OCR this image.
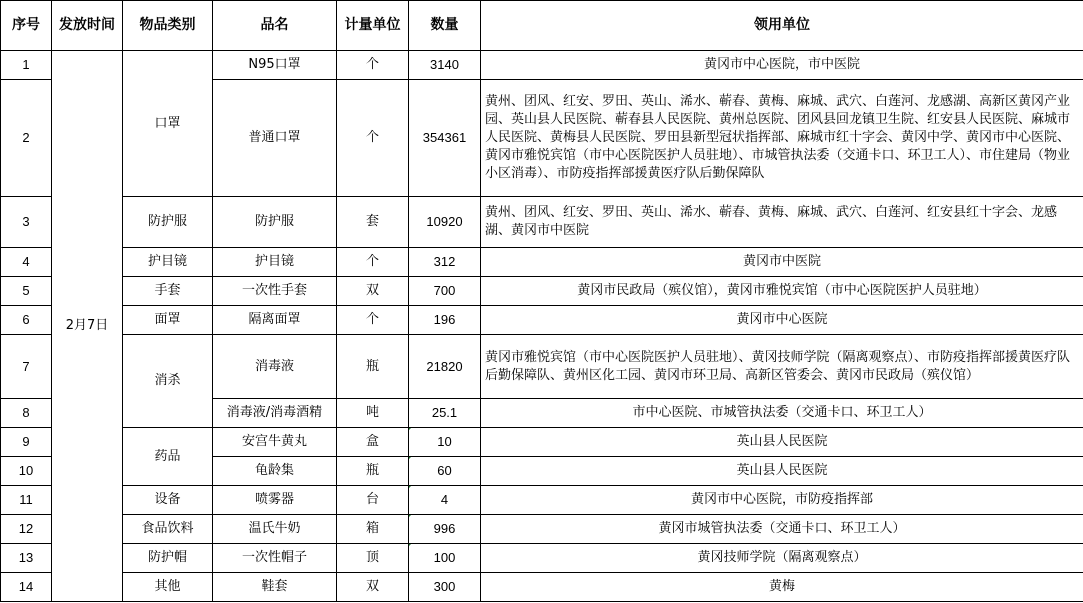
序号	发放时间	物品类别	品名	计量单位	数量	领用单位
1	2月7日	口罩	N95口罩	个	3140	黄冈市中心医院，市中医院
2			普通口罩	个	354361	黄州、团风、红安、罗田、英山、浠水、蕲春、黄梅、麻城、武穴、白莲河、龙感湖、高新区黄冈产业园、英山县人民医院、蕲春县人民医院、黄州总医院、团风县回龙镇卫生院、红安县人民医院、麻城市人民医院、黄梅县人民医院、罗田县新型冠状指挥部、麻城市红十字会、黄冈中学、黄冈市中心医院、黄冈市雅悦宾馆（市中心医院医护人员驻地）、市城管执法委（交通卡口、环卫工人）、市住建局（物业小区消毒）、市防疫指挥部援黄医疗队后勤保障队
3		防护服	防护服	套	10920	黄州、团风、红安、罗田、英山、浠水、蕲春、黄梅、麻城、武穴、白莲河、红安县红十字会、龙感湖、黄冈市中医院
4		护目镜	护目镜	个	312	黄冈市中医院
5		手套	一次性手套	双	700	黄冈市民政局（殡仪馆），黄冈市雅悦宾馆（市中心医院医护人员驻地）
6		面罩	隔离面罩	个	196	黄冈市中心医院
7		消杀	消毒液	瓶	21820	黄冈市雅悦宾馆（市中心医院医护人员驻地）、黄冈技师学院（隔离观察点）、市防疫指挥部援黄医疗队后勤保障队、黄州区化工园、黄冈市环卫局、高新区管委会、黄冈市民政局（殡仪馆）
8			消毒液/消毒酒精	吨	25.1	市中心医院、市城管执法委（交通卡口、环卫工人）
9		药品	安宫牛黄丸	盒	10	英山县人民医院
10			龟龄集	瓶	60	英山县人民医院
11		设备	喷雾器	台	4	黄冈市中心医院，市防疫指挥部
12		食品饮料	温氏牛奶	箱	996	黄冈市城管执法委（交通卡口、环卫工人）
13		防护帽	一次性帽子	顶	100	黄冈技师学院（隔离观察点）
14		其他	鞋套	双	300	黄梅
